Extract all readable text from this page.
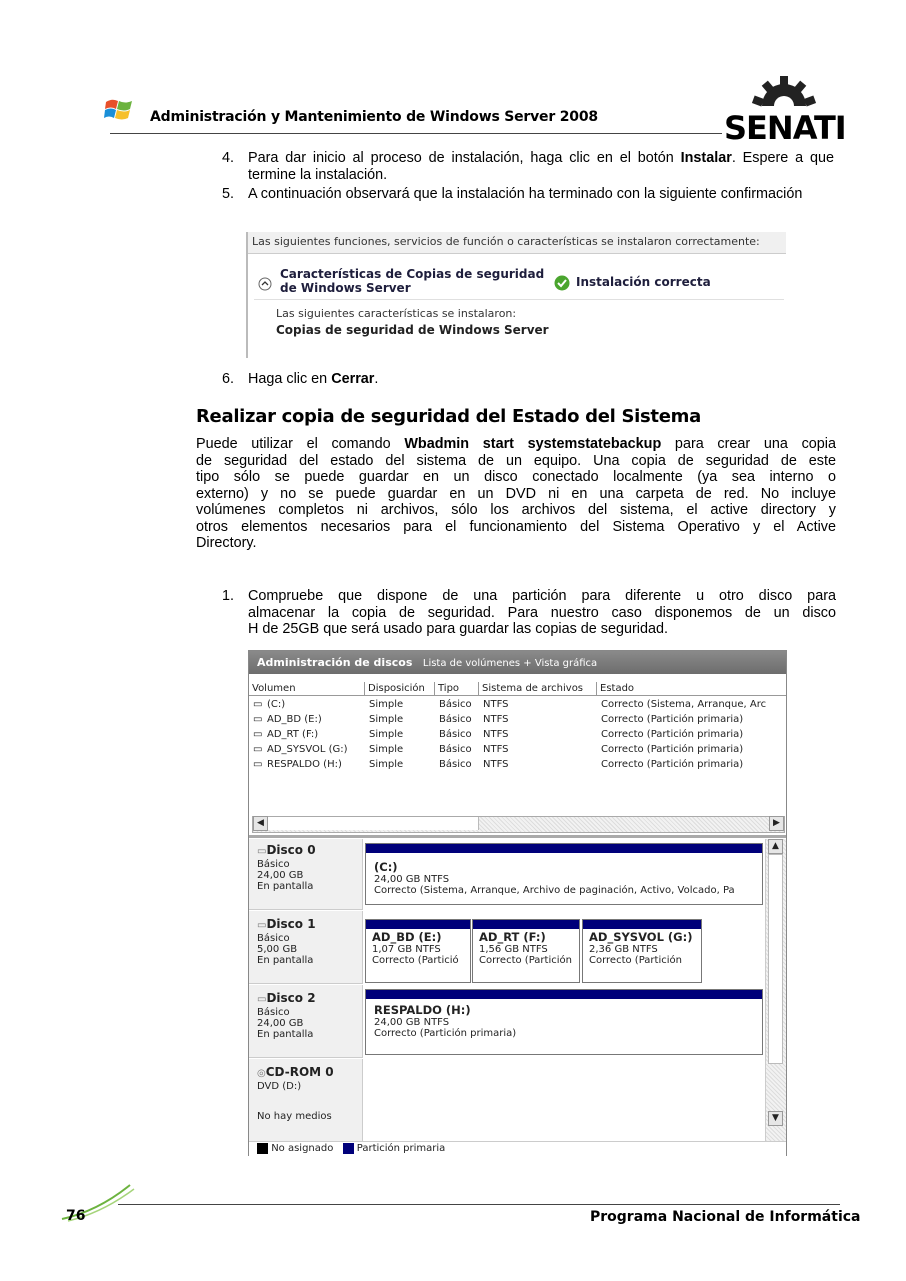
Administración y Mantenimiento de Windows Server 2008	SENATI
4. Para dar inicio al proceso de instalación, haga clic en el botón Instalar. Espere a que termine la instalación.
5. A continuación observará que la instalación ha terminado con la siguiente confirmación
Las siguientes funciones, servicios de función o características se instalaron correctamente:
Características de Copias de seguridad
de Windows Server	Instalación correcta
Las siguientes características se instalaron:
Copias de seguridad de Windows Server
6. Haga clic en Cerrar.
Realizar copia de seguridad del Estado del Sistema
Puede utilizar el comando Wbadmin start systemstatebackup para crear una copia
de seguridad del estado del sistema de un equipo. Una copia de seguridad de este
tipo sólo se puede guardar en un disco conectado localmente (ya sea interno o
externo) y no se puede guardar en un DVD ni en una carpeta de red. No incluye
volúmenes completos ni archivos, sólo los archivos del sistema, el active directory y
otros elementos necesarios para el funcionamiento del Sistema Operativo y el Active
Directory.
1. Compruebe que dispone de una partición para diferente u otro disco para
almacenar la copia de seguridad. Para nuestro caso disponemos de un disco
H de 25GB que será usado para guardar las copias de seguridad.
Administración de discos Lista de volúmenes + Vista gráfica
Volumen	Disposición	Tipo	Sistema de archivos	Estado
▭ (C:)	Simple	Básico NTFS	Correcto (Sistema, Arranque, Arc
▭ AD_BD (E:)	Simple	Básico NTFS	Correcto (Partición primaria)
▭ AD_RT (F:)	Simple	Básico NTFS	Correcto (Partición primaria)
▭ AD_SYSVOL (G:)	Simple	Básico NTFS	Correcto (Partición primaria)
▭ RESPALDO (H:)	Simple	Básico NTFS	Correcto (Partición primaria)
◀	▶
▲
▼
▭Disco 0
Básico
24,00 GB
En pantalla
(C:)
24,00 GB NTFS
Correcto (Sistema, Arranque, Archivo de paginación, Activo, Volcado, Pa
▭Disco 1
Básico
5,00 GB
En pantalla
AD_BD (E:)
1,07 GB NTFS
Correcto (Partició
AD_RT (F:)
1,56 GB NTFS
Correcto (Partición
AD_SYSVOL (G:)
2,36 GB NTFS
Correcto (Partición
▭Disco 2
Básico
24,00 GB
En pantalla
RESPALDO (H:)
24,00 GB NTFS
Correcto (Partición primaria)
◎CD-ROM 0
DVD (D:)
No hay medios
No asignado Partición primaria
76	Programa Nacional de Informática
